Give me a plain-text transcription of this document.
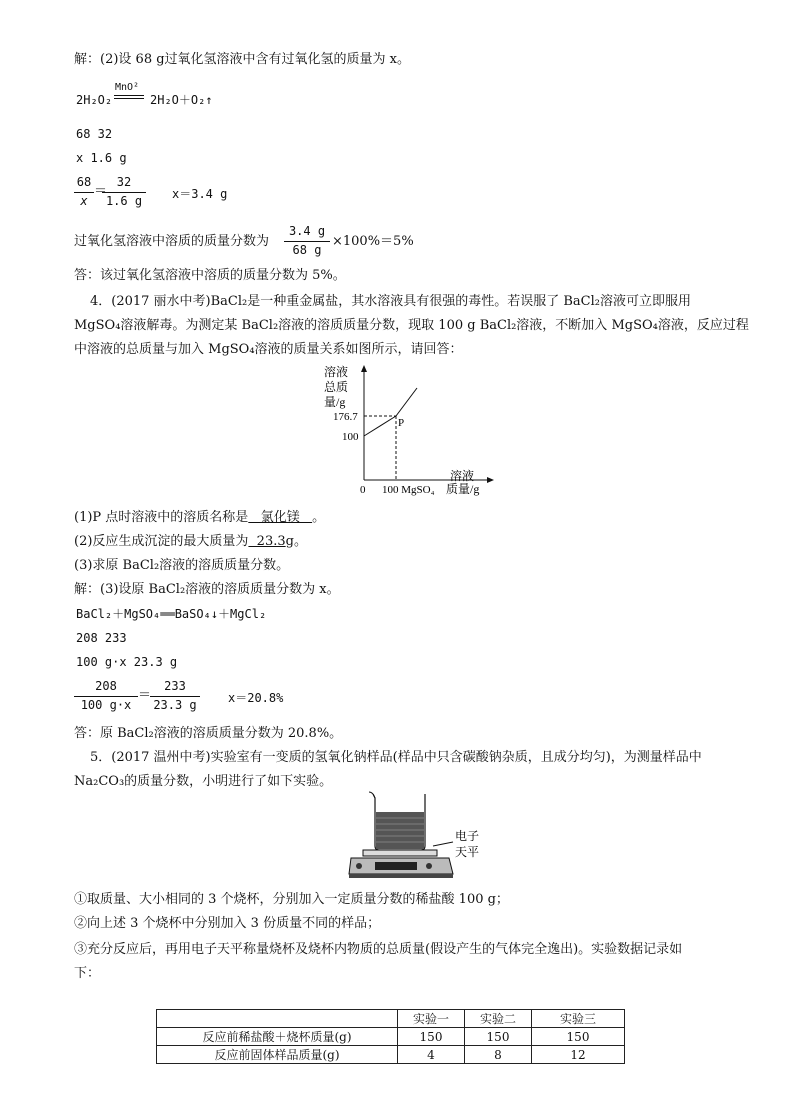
解：(2)设 68 g过氧化氢溶液中含有过氧化氢的质量为 x。
2H₂O₂
MnO²
2H₂O＋O₂↑
68 32
x 1.6 g
68
x
＝
32
1.6 g	x＝3.4 g
过氧化氢溶液中溶质的质量分数为
3.4 g
68 g
×100%＝5%
答：该过氧化氢溶液中溶质的质量分数为 5%。
4．(2017 丽水中考)BaCl₂是一种重金属盐，其水溶液具有很强的毒性。若误服了 BaCl₂溶液可立即服用
MgSO₄溶液解毒。为测定某 BaCl₂溶液的溶质质量分数，现取 100 g BaCl₂溶液，不断加入 MgSO₄溶液，反应过程
中溶液的总质量与加入 MgSO₄溶液的质量关系如图所示，请回答：
溶液
总质
量/g
176.7
100
0 100 MgSO₄
P
溶液
质量/g
(1)P 点时溶液中的溶质名称是   氯化镁   。
(2)反应生成沉淀的最大质量为  23.3g。
(3)求原 BaCl₂溶液的溶质质量分数。
解：(3)设原 BaCl₂溶液的溶质质量分数为 x。
BaCl₂＋MgSO₄══BaSO₄↓＋MgCl₂
208 233
100 g·x 23.3 g
208
100 g·x
＝
233
23.3 g	x＝20.8%
答：原 BaCl₂溶液的溶质质量分数为 20.8%。
5．(2017 温州中考)实验室有一变质的氢氧化钠样品(样品中只含碳酸钠杂质，且成分均匀)，为测量样品中
Na₂CO₃的质量分数，小明进行了如下实验。
电子
天平
①取质量、大小相同的 3 个烧杯，分别加入一定质量分数的稀盐酸 100 g；
②向上述 3 个烧杯中分别加入 3 份质量不同的样品；
③充分反应后，再用电子天平称量烧杯及烧杯内物质的总质量(假设产生的气体完全逸出)。实验数据记录如
下：
	实验一	实验二	实验三
反应前稀盐酸＋烧杯质量(g)	150	150	150
反应前固体样品质量(g)	4	8	12
